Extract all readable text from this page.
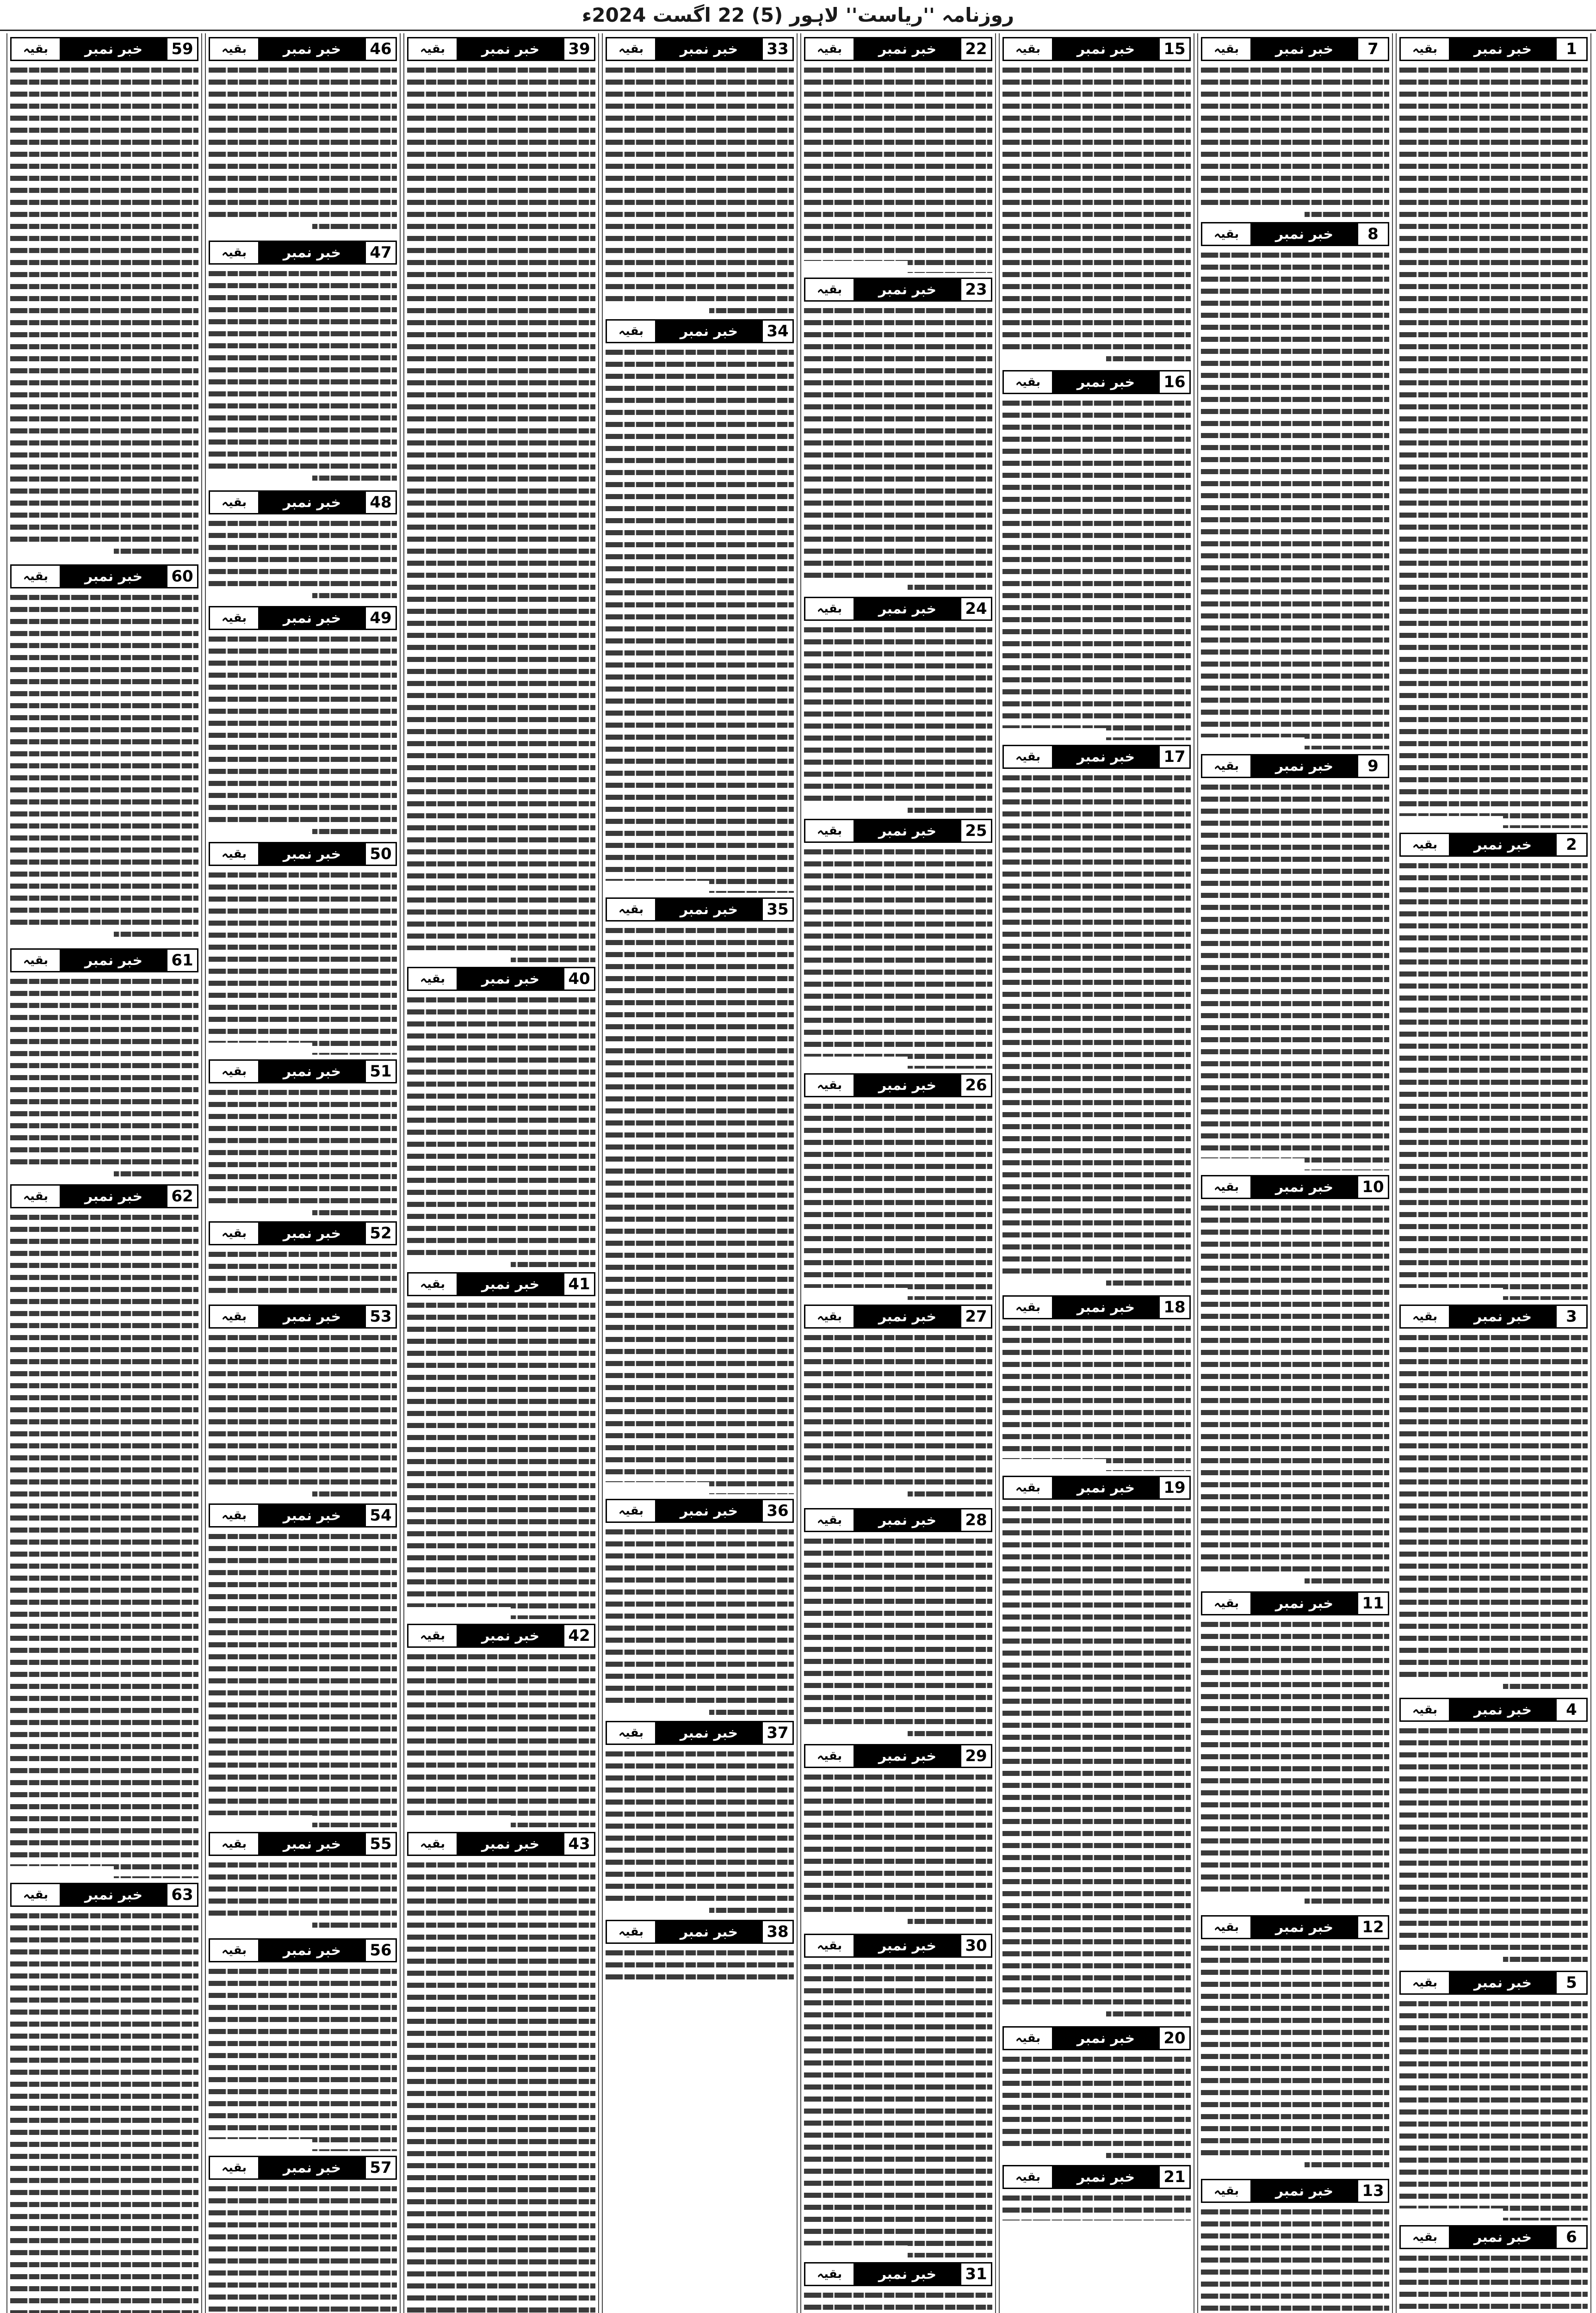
روزنامہ ''ریاست'' لاہور (5) 22 اگست 2024ء
1
خبر نمبر
بقیہ
2
خبر نمبر
بقیہ
3
خبر نمبر
بقیہ
4
خبر نمبر
بقیہ
5
خبر نمبر
بقیہ
6
خبر نمبر
بقیہ
7
خبر نمبر
بقیہ
8
خبر نمبر
بقیہ
9
خبر نمبر
بقیہ
10
خبر نمبر
بقیہ
11
خبر نمبر
بقیہ
12
خبر نمبر
بقیہ
13
خبر نمبر
بقیہ
15
خبر نمبر
بقیہ
16
خبر نمبر
بقیہ
17
خبر نمبر
بقیہ
18
خبر نمبر
بقیہ
19
خبر نمبر
بقیہ
20
خبر نمبر
بقیہ
21
خبر نمبر
بقیہ
22
خبر نمبر
بقیہ
23
خبر نمبر
بقیہ
24
خبر نمبر
بقیہ
25
خبر نمبر
بقیہ
26
خبر نمبر
بقیہ
27
خبر نمبر
بقیہ
28
خبر نمبر
بقیہ
29
خبر نمبر
بقیہ
30
خبر نمبر
بقیہ
31
خبر نمبر
بقیہ
33
خبر نمبر
بقیہ
34
خبر نمبر
بقیہ
35
خبر نمبر
بقیہ
36
خبر نمبر
بقیہ
37
خبر نمبر
بقیہ
38
خبر نمبر
بقیہ
39
خبر نمبر
بقیہ
40
خبر نمبر
بقیہ
41
خبر نمبر
بقیہ
42
خبر نمبر
بقیہ
43
خبر نمبر
بقیہ
46
خبر نمبر
بقیہ
47
خبر نمبر
بقیہ
48
خبر نمبر
بقیہ
49
خبر نمبر
بقیہ
50
خبر نمبر
بقیہ
51
خبر نمبر
بقیہ
52
خبر نمبر
بقیہ
53
خبر نمبر
بقیہ
54
خبر نمبر
بقیہ
55
خبر نمبر
بقیہ
56
خبر نمبر
بقیہ
57
خبر نمبر
بقیہ
59
خبر نمبر
بقیہ
60
خبر نمبر
بقیہ
61
خبر نمبر
بقیہ
62
خبر نمبر
بقیہ
63
خبر نمبر
بقیہ
